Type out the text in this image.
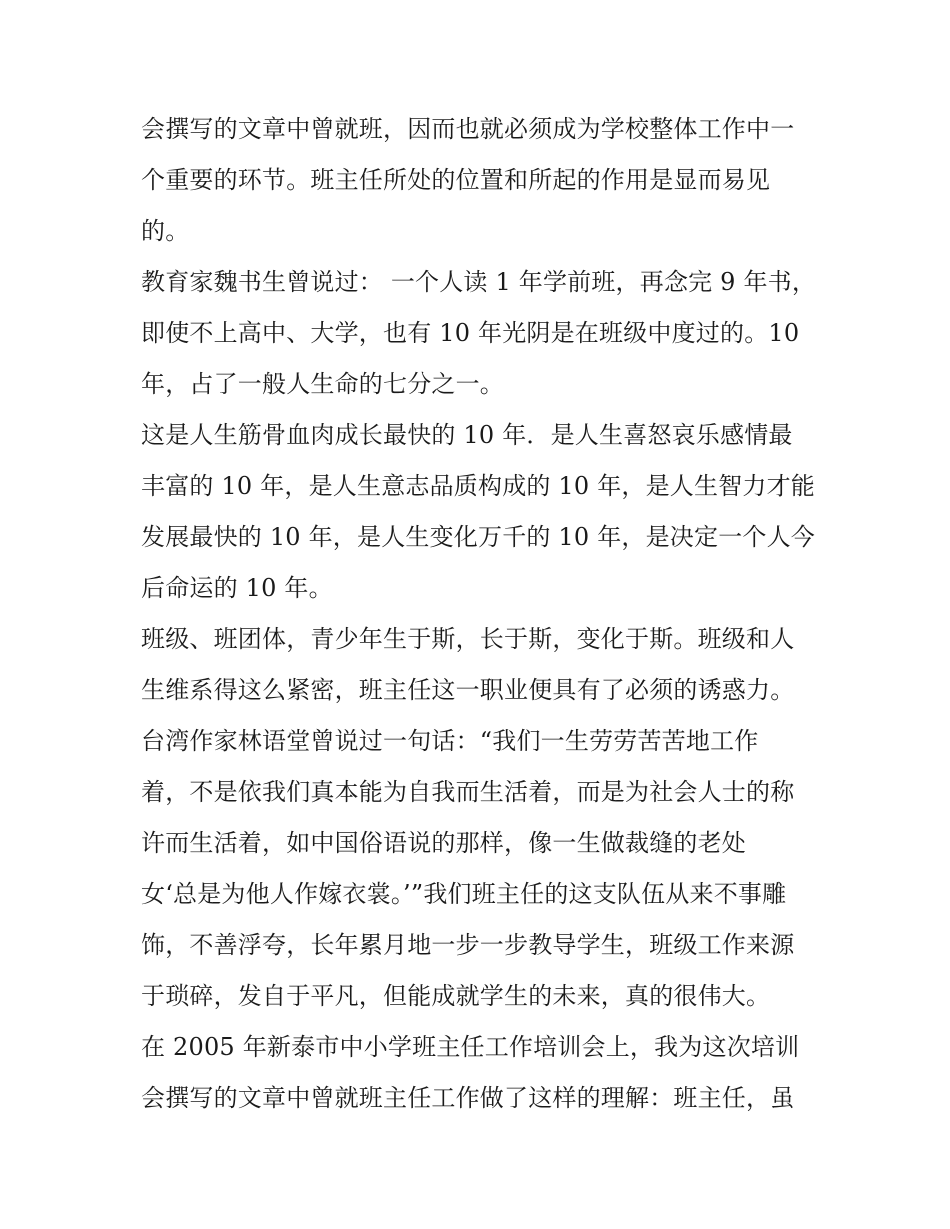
会撰写的文章中曾就班，因而也就必须成为学校整体工作中一
个重要的环节。班主任所处的位置和所起的作用是显而易见
的。
教育家魏书生曾说过： 一个人读 1 年学前班，再念完 9 年书，
即使不上高中、大学，也有 10 年光阴是在班级中度过的。10
年，占了一般人生命的七分之一。
这是人生筋骨血肉成长最快的 10 年．是人生喜怒哀乐感情最
丰富的 10 年，是人生意志品质构成的 10 年，是人生智力才能
发展最快的 10 年，是人生变化万千的 10 年，是决定一个人今
后命运的 10 年。
班级、班团体，青少年生于斯，长于斯，变化于斯。班级和人
生维系得这么紧密，班主任这一职业便具有了必须的诱惑力。
台湾作家林语堂曾说过一句话：“我们一生劳劳苦苦地工作
着，不是依我们真本能为自我而生活着，而是为社会人士的称
许而生活着，如中国俗语说的那样，像一生做裁缝的老处
女‘总是为他人作嫁衣裳。’”我们班主任的这支队伍从来不事雕
饰，不善浮夸，长年累月地一步一步教导学生，班级工作来源
于琐碎，发自于平凡，但能成就学生的未来，真的很伟大。
在 2005 年新泰市中小学班主任工作培训会上，我为这次培训
会撰写的文章中曾就班主任工作做了这样的理解：班主任，虽
